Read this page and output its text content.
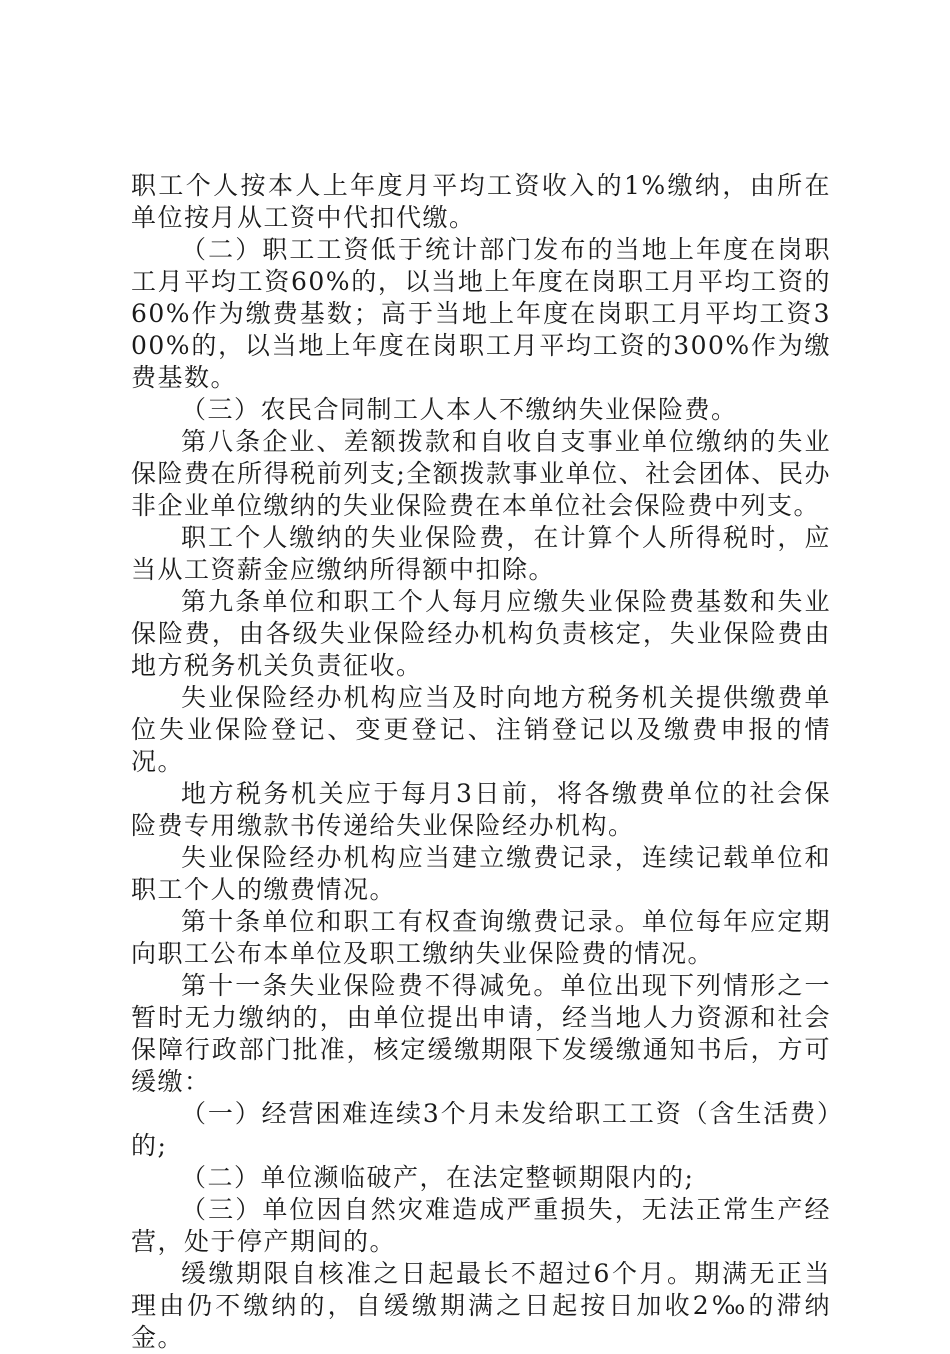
职工个人按本人上年度月平均工资收入的1%缴纳，由所在单位按月从工资中代扣代缴。

（二）职工工资低于统计部门发布的当地上年度在岗职工月平均工资60%的，以当地上年度在岗职工月平均工资的60%作为缴费基数；高于当地上年度在岗职工月平均工资300%的，以当地上年度在岗职工月平均工资的300%作为缴费基数。

（三）农民合同制工人本人不缴纳失业保险费。

第八条企业、差额拨款和自收自支事业单位缴纳的失业保险费在所得税前列支;全额拨款事业单位、社会团体、民办非企业单位缴纳的失业保险费在本单位社会保险费中列支。

职工个人缴纳的失业保险费，在计算个人所得税时，应当从工资薪金应缴纳所得额中扣除。

第九条单位和职工个人每月应缴失业保险费基数和失业保险费，由各级失业保险经办机构负责核定，失业保险费由地方税务机关负责征收。

失业保险经办机构应当及时向地方税务机关提供缴费单位失业保险登记、变更登记、注销登记以及缴费申报的情况。

地方税务机关应于每月3日前，将各缴费单位的社会保险费专用缴款书传递给失业保险经办机构。

失业保险经办机构应当建立缴费记录，连续记载单位和职工个人的缴费情况。

第十条单位和职工有权查询缴费记录。单位每年应定期向职工公布本单位及职工缴纳失业保险费的情况。

第十一条失业保险费不得减免。单位出现下列情形之一暂时无力缴纳的，由单位提出申请，经当地人力资源和社会保障行政部门批准，核定缓缴期限下发缓缴通知书后，方可缓缴：

（一）经营困难连续3个月未发给职工工资（含生活费）的;

（二）单位濒临破产，在法定整顿期限内的;

（三）单位因自然灾难造成严重损失，无法正常生产经营，处于停产期间的。

缓缴期限自核准之日起最长不超过6个月。期满无正当理由仍不缴纳的，自缓缴期满之日起按日加收2‰的滞纳金。
